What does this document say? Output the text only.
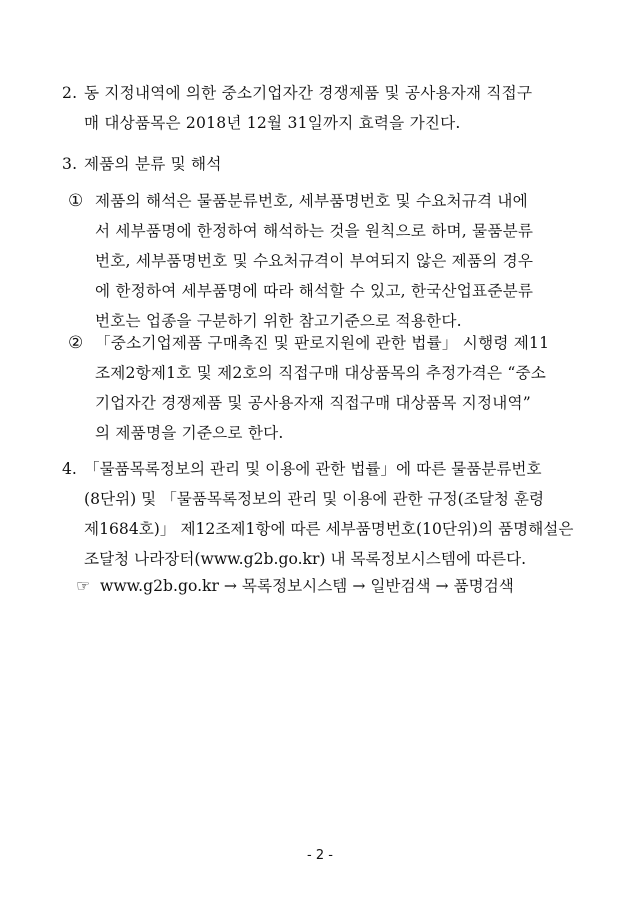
2. 동 지정내역에 의한 중소기업자간 경쟁제품 및 공사용자재 직접구
매 대상품목은 2018년 12월 31일까지 효력을 가진다.
3. 제품의 분류 및 해석
① 제품의 해석은 물품분류번호, 세부품명번호 및 수요처규격 내에
서 세부품명에 한정하여 해석하는 것을 원칙으로 하며, 물품분류
번호, 세부품명번호 및 수요처규격이 부여되지 않은 제품의 경우
에 한정하여 세부품명에 따라 해석할 수 있고, 한국산업표준분류
번호는 업종을 구분하기 위한 참고기준으로 적용한다.
② 「중소기업제품 구매촉진 및 판로지원에 관한 법률」 시행령 제11
조제2항제1호 및 제2호의 직접구매 대상품목의 추정가격은 “중소
기업자간 경쟁제품 및 공사용자재 직접구매 대상품목 지정내역”
의 제품명을 기준으로 한다.
4. 「물품목록정보의 관리 및 이용에 관한 법률」에 따른 물품분류번호
(8단위) 및 「물품목록정보의 관리 및 이용에 관한 규정(조달청 훈령
제1684호)」 제12조제1항에 따른 세부품명번호(10단위)의 품명해설은
조달청 나라장터(www.g2b.go.kr) 내 목록정보시스템에 따른다.
☞ www.g2b.go.kr → 목록정보시스템 → 일반검색 → 품명검색
- 2 -
